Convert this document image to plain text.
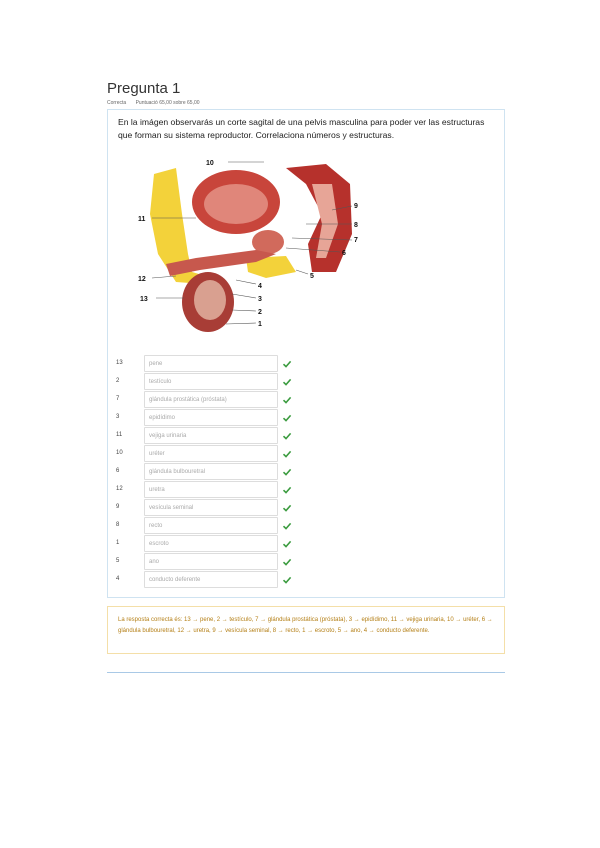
Pregunta 1
Correcta Puntuació 65,00 sobre 65,00

En la imágen observarás un corte sagital de una pelvis masculina para poder ver las estructuras que forman su sistema reproductor. Correlaciona números y estructuras.

10
9
8
7
6
5
4
3
2
1
11
12
13
13	pene
2	testículo
7	glándula prostática (próstata)
3	epidídimo
11	vejiga urinaria
10	uréter
6	glándula bulbouretral
12	uretra
9	vesícula seminal
8	recto
1	escroto
5	ano
4	conducto deferente

La resposta correcta és: 13 → pene, 2 → testículo, 7 → glándula prostática (próstata), 3 → epidídimo, 11 → vejiga urinaria, 10 → uréter, 6 → glándula bulbouretral, 12 → uretra, 9 → vesícula seminal, 8 → recto, 1 → escroto, 5 → ano, 4 → conducto deferente.
